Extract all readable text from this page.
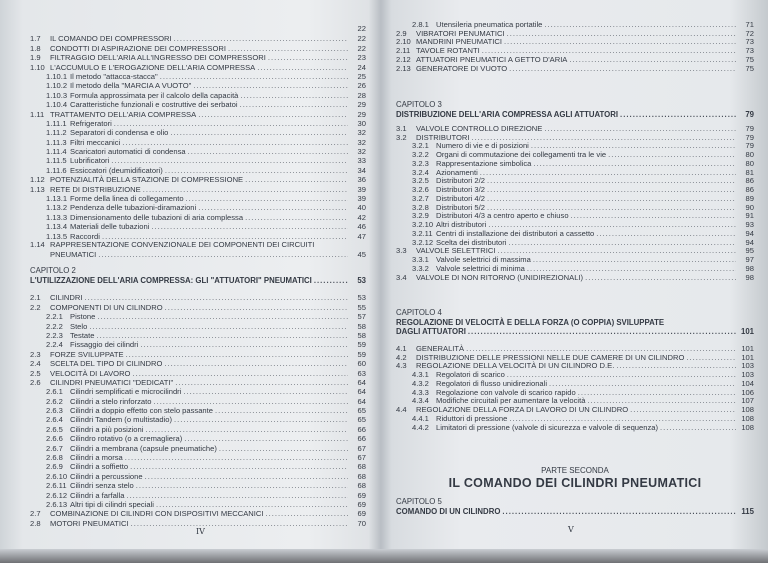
22
1.7	IL COMANDO DEI COMPRESSORI .....	22
1.8	CONDOTTI DI ASPIRAZIONE DEI COMPRESSORI .....	22
1.9	FILTRAGGIO DELL'ARIA ALL'INGRESSO DEI COMPRESSORI .....	23
1.10 L'ACCUMULO E L'EROGAZIONE DELL'ARIA COMPRESSA .....	24
1.10.1 Il metodo "attacca-stacca" .....	25
1.10.2 Il metodo della "MARCIA A VUOTO" .....	26
1.10.3 Formula approssimata per il calcolo della capacità .....	28
1.10.4 Caratteristiche funzionali e costruttive dei serbatoi .....	29
1.11 TRATTAMENTO DELL'ARIA COMPRESSA .....	29
1.11.1 Refrigeratori .....	30
1.11.2 Separatori di condensa e olio .....	32
1.11.3 Filtri meccanici .....	32
1.11.4 Scaricatori automatici di condensa .....	32
1.11.5 Lubrificatori .....	33
1.11.6 Essiccatori (deumidificatori) .....	34
1.12 POTENZIALITÀ DELLA STAZIONE DI COMPRESSIONE .....	36
1.13 RETE DI DISTRIBUZIONE .....	39
1.13.1 Forme della linea di collegamento .....	39
1.13.2 Pendenza delle tubazioni-diramazioni .....	40
1.13.3 Dimensionamento delle tubazioni di aria complessa .....	42
1.13.4 Materiali delle tubazioni .....	46
1.13.5 Raccordi .....	47
1.14 RAPPRESENTAZIONE CONVENZIONALE DEI COMPONENTI DEI CIRCUITI
PNEUMATICI .....	45
CAPITOLO 2
L'UTILIZZAZIONE DELL'ARIA COMPRESSA: GLI "ATTUATORI" PNEUMATICI .....	53
2.1	CILINDRI .....	53
2.2	COMPONENTI DI UN CILINDRO .....	55
2.2.1 Pistone .....	57
2.2.2 Stelo .....	58
2.2.3 Testate .....	58
2.2.4 Fissaggio dei cilindri .....	59
2.3	FORZE SVILUPPATE .....	59
2.4	SCELTA DEL TIPO DI CILINDRO .....	60
2.5	VELOCITÀ DI LAVORO .....	63
2.6	CILINDRI PNEUMATICI "DEDICATI" .....	64
2.6.1 Cilindri semplificati e microcilindri .....	64
2.6.2 Cilindri a stelo rinforzato .....	64
2.6.3 Cilindri a doppio effetto con stelo passante .....	65
2.6.4 Cilindri Tandem (o multistadio) .....	65
2.6.5 Cilindri a più posizioni .....	66
2.6.6 Cilindro rotativo (o a cremagliera) .....	66
2.6.7 Cilindri a membrana (capsule pneumatiche) .....	67
2.6.8 Cilindri a morsa .....	67
2.6.9 Cilindri a soffietto .....	68
2.6.10 Cilindri a percussione .....	68
2.6.11 Cilindri senza stelo .....	68
2.6.12 Cilindri a farfalla .....	69
2.6.13 Altri tipi di cilindri speciali .....	69
2.7	COMBINAZIONE DI CILINDRI CON DISPOSITIVI MECCANICI .....	69
2.8	MOTORI PNEUMATICI .....	70
IV
2.8.1 Utensileria pneumatica portatile .....	71
2.9	VIBRATORI PENUMATICI .....	72
2.10 MANDRINI PNEUMATICI .....	73
2.11 TAVOLE ROTANTI .....	73
2.12 ATTUATORI PNEUMATICI A GETTO D'ARIA .....	75
2.13 GENERATORE DI VUOTO .....	75
CAPITOLO 3
DISTRIBUZIONE DELL'ARIA COMPRESSA AGLI ATTUATORI .....	79
3.1	VALVOLE CONTROLLO DIREZIONE .....	79
3.2	DISTRIBUTORI .....	79
3.2.1 Numero di vie e di posizioni .....	79
3.2.2 Organi di commutazione dei collegamenti tra le vie .....	80
3.2.3 Rappresentazione simbolica .....	80
3.2.4 Azionamenti .....	81
3.2.5 Distributori 2/2 .....	86
3.2.6 Distributori 3/2 .....	86
3.2.7 Distributori 4/2 .....	89
3.2.8 Distributori 5/2 .....	90
3.2.9 Distributori 4/3 a centro aperto e chiuso .....	91
3.2.10 Altri distributori .....	93
3.2.11 Centri di installazione dei distributori a cassetto .....	94
3.2.12 Scelta dei distributori .....	94
3.3	VALVOLE SELETTRICI .....	95
3.3.1 Valvole selettrici di massima .....	97
3.3.2 Valvole selettrici di minima .....	98
3.4	VALVOLE DI NON RITORNO (UNIDIREZIONALI) .....	98
CAPITOLO 4
REGOLAZIONE DI VELOCITÀ E DELLA FORZA (O COPPIA) SVILUPPATE
DAGLI ATTUATORI .....	101
4.1	GENERALITÀ .....	101
4.2	DISTRIBUZIONE DELLE PRESSIONI NELLE DUE CAMERE DI UN CILINDRO .....	101
4.3	REGOLAZIONE DELLA VELOCITÀ DI UN CILINDRO D.E. .....	103
4.3.1 Regolatori di scarico .....	103
4.3.2 Regolatori di flusso unidirezionali .....	104
4.3.3 Regolazione con valvole di scarico rapido .....	106
4.3.4 Modifiche circuitali per aumentare la velocità .....	107
4.4	REGOLAZIONE DELLA FORZA DI LAVORO DI UN CILINDRO .....	108
4.4.1 Riduttori di pressione .....	108
4.4.2 Limitatori di pressione (valvole di sicurezza e valvole di sequenza) .....	108
PARTE SECONDA
IL COMANDO DEI CILINDRI PNEUMATICI
CAPITOLO 5
COMANDO DI UN CILINDRO .....	115
V
